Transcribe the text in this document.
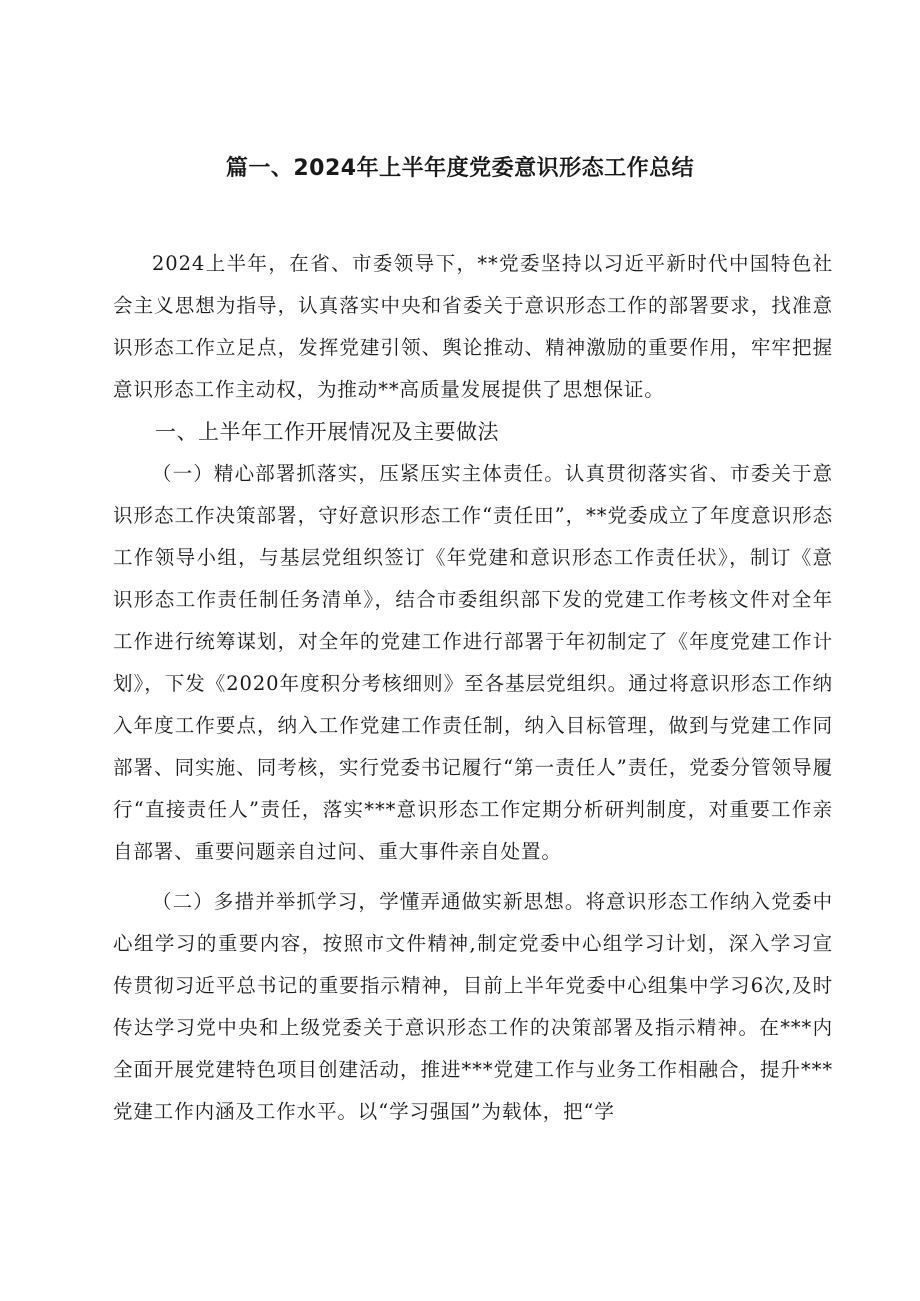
篇一、2024年上半年度党委意识形态工作总结

2024上半年，在省、市委领导下，**党委坚持以习近平新时代中国特色社会主义思想为指导，认真落实中央和省委关于意识形态工作的部署要求，找准意识形态工作立足点，发挥党建引领、舆论推动、精神激励的重要作用，牢牢把握意识形态工作主动权，为推动**高质量发展提供了思想保证。

一、上半年工作开展情况及主要做法

（一）精心部署抓落实，压紧压实主体责任。认真贯彻落实省、市委关于意识形态工作决策部署，守好意识形态工作“责任田”，**党委成立了年度意识形态工作领导小组，与基层党组织签订《年党建和意识形态工作责任状》，制订《意识形态工作责任制任务清单》，结合市委组织部下发的党建工作考核文件对全年工作进行统筹谋划，对全年的党建工作进行部署于年初制定了《年度党建工作计划》，下发《2020年度积分考核细则》至各基层党组织。通过将意识形态工作纳入年度工作要点，纳入工作党建工作责任制，纳入目标管理，做到与党建工作同部署、同实施、同考核，实行党委书记履行“第一责任人”责任，党委分管领导履行“直接责任人”责任，落实***意识形态工作定期分析研判制度，对重要工作亲自部署、重要问题亲自过问、重大事件亲自处置。

（二）多措并举抓学习，学懂弄通做实新思想。将意识形态工作纳入党委中心组学习的重要内容，按照市文件精神,制定党委中心组学习计划，深入学习宣传贯彻习近平总书记的重要指示精神，目前上半年党委中心组集中学习6次,及时传达学习党中央和上级党委关于意识形态工作的决策部署及指示精神。在***内全面开展党建特色项目创建活动，推进***党建工作与业务工作相融合，提升***党建工作内涵及工作水平。以“学习强国”为载体，把“学
